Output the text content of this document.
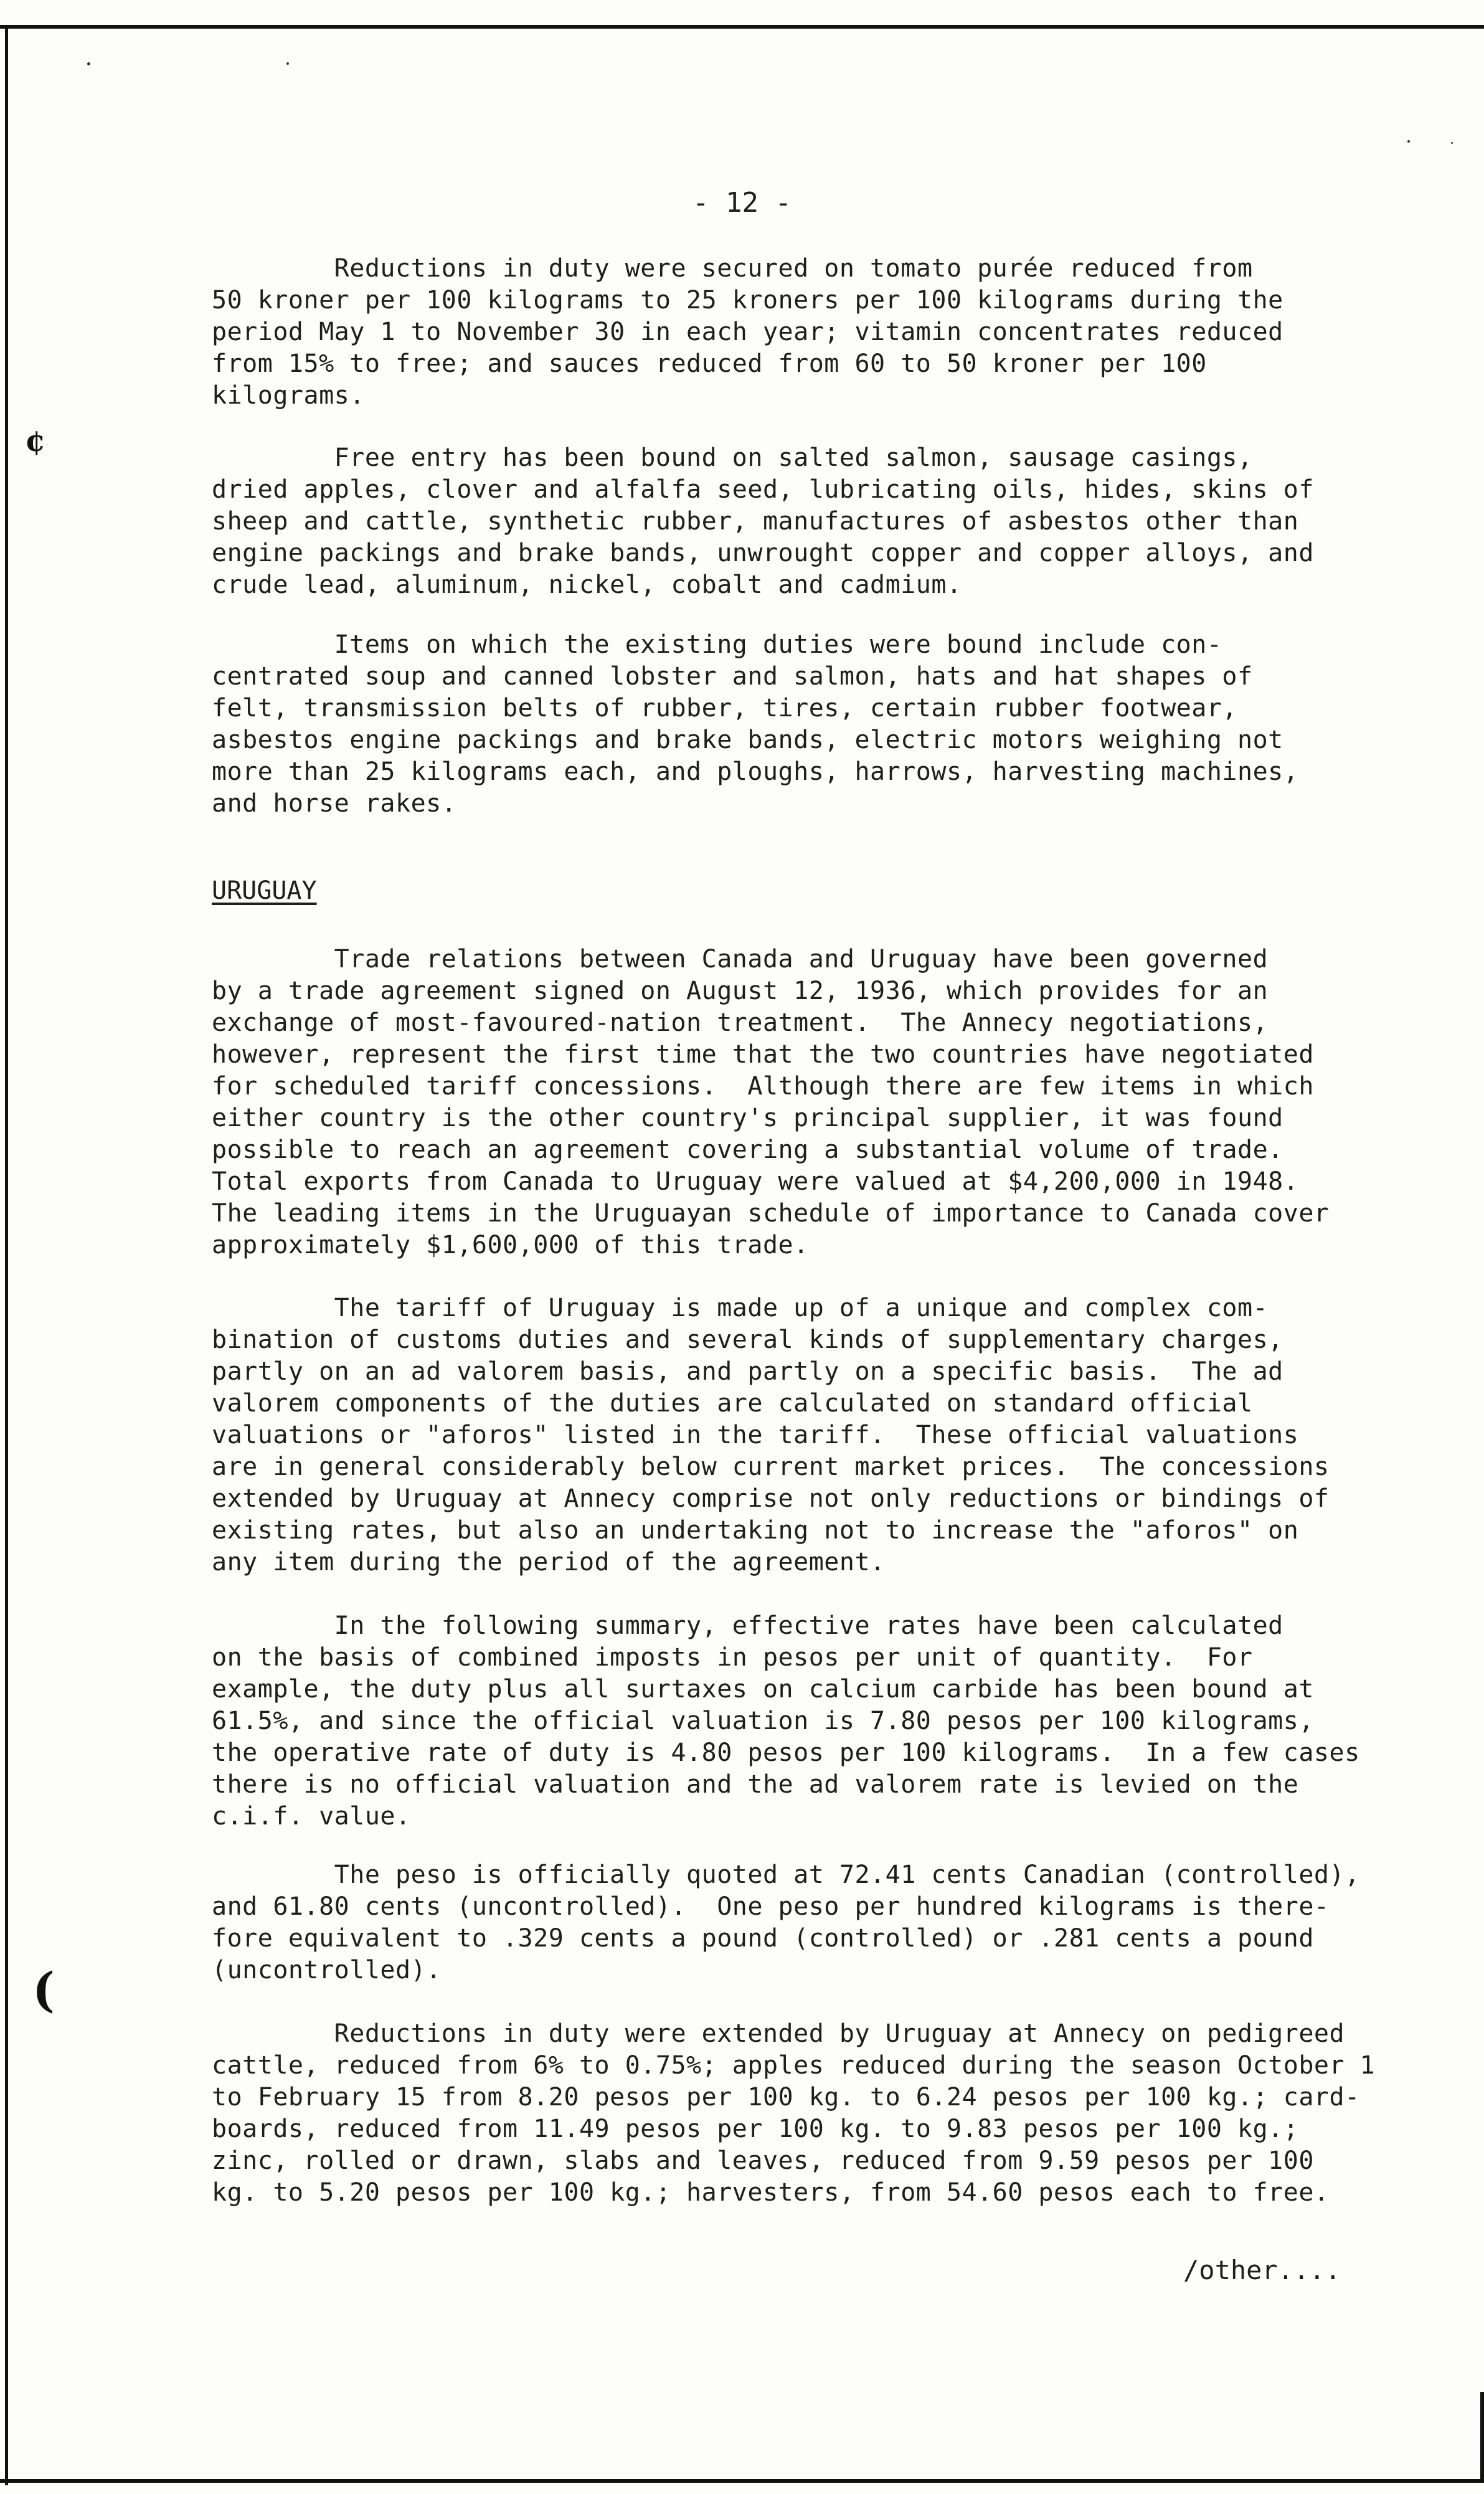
¢
(
- 12 -
Reductions in duty were secured on tomato purée reduced from
50 kroner per 100 kilograms to 25 kroners per 100 kilograms during the
period May 1 to November 30 in each year; vitamin concentrates reduced
from 15% to free; and sauces reduced from 60 to 50 kroner per 100
kilograms.
Free entry has been bound on salted salmon, sausage casings,
dried apples, clover and alfalfa seed, lubricating oils, hides, skins of
sheep and cattle, synthetic rubber, manufactures of asbestos other than
engine packings and brake bands, unwrought copper and copper alloys, and
crude lead, aluminum, nickel, cobalt and cadmium.
Items on which the existing duties were bound include con-
centrated soup and canned lobster and salmon, hats and hat shapes of
felt, transmission belts of rubber, tires, certain rubber footwear,
asbestos engine packings and brake bands, electric motors weighing not
more than 25 kilograms each, and ploughs, harrows, harvesting machines,
and horse rakes.
URUGUAY
Trade relations between Canada and Uruguay have been governed
by a trade agreement signed on August 12, 1936, which provides for an
exchange of most-favoured-nation treatment.  The Annecy negotiations,
however, represent the first time that the two countries have negotiated
for scheduled tariff concessions.  Although there are few items in which
either country is the other country's principal supplier, it was found
possible to reach an agreement covering a substantial volume of trade.
Total exports from Canada to Uruguay were valued at $4,200,000 in 1948.
The leading items in the Uruguayan schedule of importance to Canada cover
approximately $1,600,000 of this trade.
The tariff of Uruguay is made up of a unique and complex com-
bination of customs duties and several kinds of supplementary charges,
partly on an ad valorem basis, and partly on a specific basis.  The ad
valorem components of the duties are calculated on standard official
valuations or "aforos" listed in the tariff.  These official valuations
are in general considerably below current market prices.  The concessions
extended by Uruguay at Annecy comprise not only reductions or bindings of
existing rates, but also an undertaking not to increase the "aforos" on
any item during the period of the agreement.
In the following summary, effective rates have been calculated
on the basis of combined imposts in pesos per unit of quantity.  For
example, the duty plus all surtaxes on calcium carbide has been bound at
61.5%, and since the official valuation is 7.80 pesos per 100 kilograms,
the operative rate of duty is 4.80 pesos per 100 kilograms.  In a few cases
there is no official valuation and the ad valorem rate is levied on the
c.i.f. value.
The peso is officially quoted at 72.41 cents Canadian (controlled),
and 61.80 cents (uncontrolled).  One peso per hundred kilograms is there-
fore equivalent to .329 cents a pound (controlled) or .281 cents a pound
(uncontrolled).
Reductions in duty were extended by Uruguay at Annecy on pedigreed
cattle, reduced from 6% to 0.75%; apples reduced during the season October 1
to February 15 from 8.20 pesos per 100 kg. to 6.24 pesos per 100 kg.; card-
boards, reduced from 11.49 pesos per 100 kg. to 9.83 pesos per 100 kg.;
zinc, rolled or drawn, slabs and leaves, reduced from 9.59 pesos per 100
kg. to 5.20 pesos per 100 kg.; harvesters, from 54.60 pesos each to free.
/other....
